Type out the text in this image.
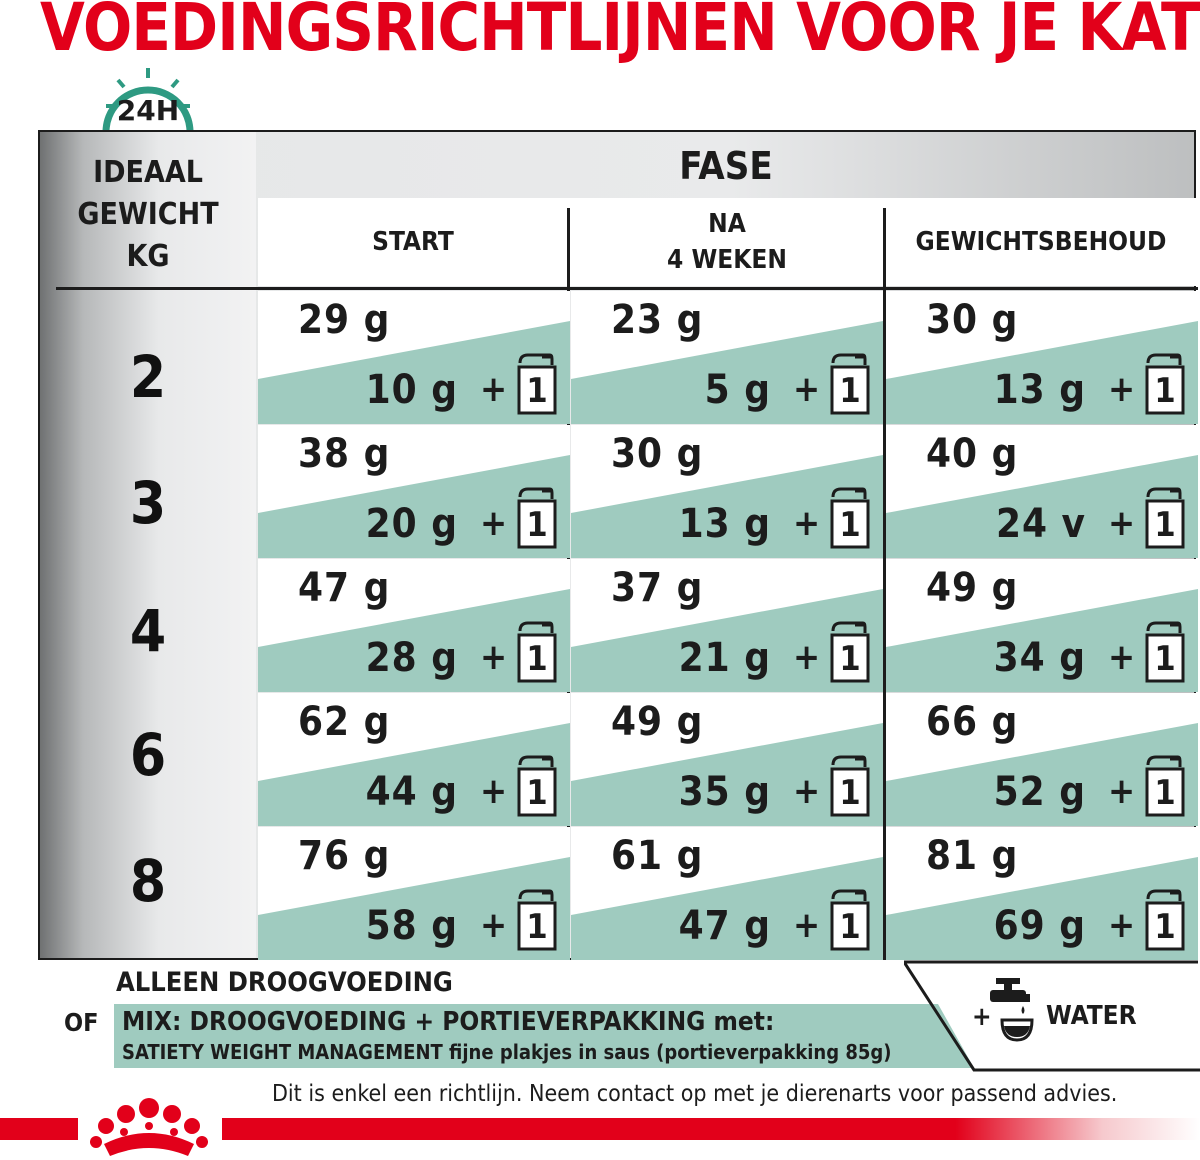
VOEDINGSRICHTLIJNEN VOOR JE KAT
24H
IDEAAL
GEWICHT
KG
FASE
START
NA
4 WEKEN
GEWICHTSBEHOUD
2
3
4
6
8
29 g
10 g + 1
23 g
5 g + 1
30 g
13 g + 1
38 g
20 g + 1
30 g
13 g + 1
40 g
24 v + 1
47 g
28 g + 1
37 g
21 g + 1
49 g
34 g + 1
62 g
44 g + 1
49 g
35 g + 1
66 g
52 g + 1
76 g
58 g + 1
61 g
47 g + 1
81 g
69 g + 1
ALLEEN DROOGVOEDING
OF MIX: DROOGVOEDING + PORTIEVERPAKKING met:
SATIETY WEIGHT MANAGEMENT fijne plakjes in saus (portieverpakking 85g)
+ WATER
Dit is enkel een richtlijn. Neem contact op met je dierenarts voor passend advies.
